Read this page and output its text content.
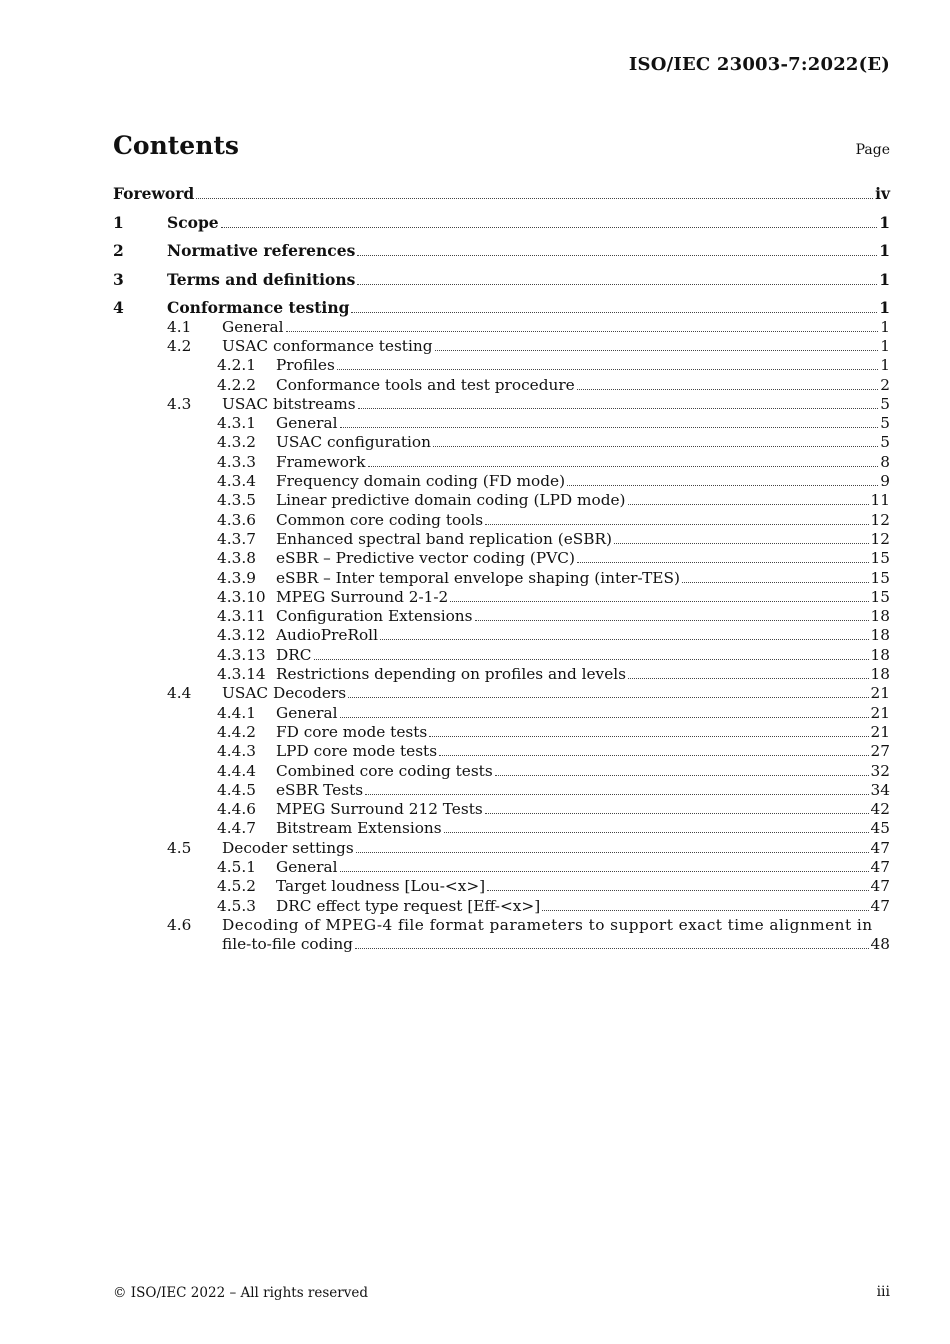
ISO/IEC 23003-7:2022(E)
Contents	Page
Foreword	iv
1	Scope	1
2	Normative references	1
3	Terms and definitions	1
4	Conformance testing	1
4.1 General	1
4.2 USAC conformance testing	1
4.2.1 Profiles	1
4.2.2 Conformance tools and test procedure	2
4.3 USAC bitstreams	5
4.3.1 General	5
4.3.2 USAC configuration	5
4.3.3 Framework	8
4.3.4 Frequency domain coding (FD mode)	9
4.3.5 Linear predictive domain coding (LPD mode)	11
4.3.6 Common core coding tools	12
4.3.7 Enhanced spectral band replication (eSBR)	12
4.3.8 eSBR – Predictive vector coding (PVC)	15
4.3.9 eSBR – Inter temporal envelope shaping (inter-TES)	15
4.3.10 MPEG Surround 2-1-2	15
4.3.11 Configuration Extensions	18
4.3.12 AudioPreRoll	18
4.3.13 DRC	18
4.3.14 Restrictions depending on profiles and levels	18
4.4 USAC Decoders	21
4.4.1 General	21
4.4.2 FD core mode tests	21
4.4.3 LPD core mode tests	27
4.4.4 Combined core coding tests	32
4.4.5 eSBR Tests	34
4.4.6 MPEG Surround 212 Tests	42
4.4.7 Bitstream Extensions	45
4.5 Decoder settings	47
4.5.1 General	47
4.5.2 Target loudness [Lou-<x>]	47
4.5.3 DRC effect type request [Eff-<x>]	47
4.6 Decoding of MPEG-4 file format parameters to support exact time alignment in
file-to-file coding	48
© ISO/IEC 2022 – All rights reserved	iii
